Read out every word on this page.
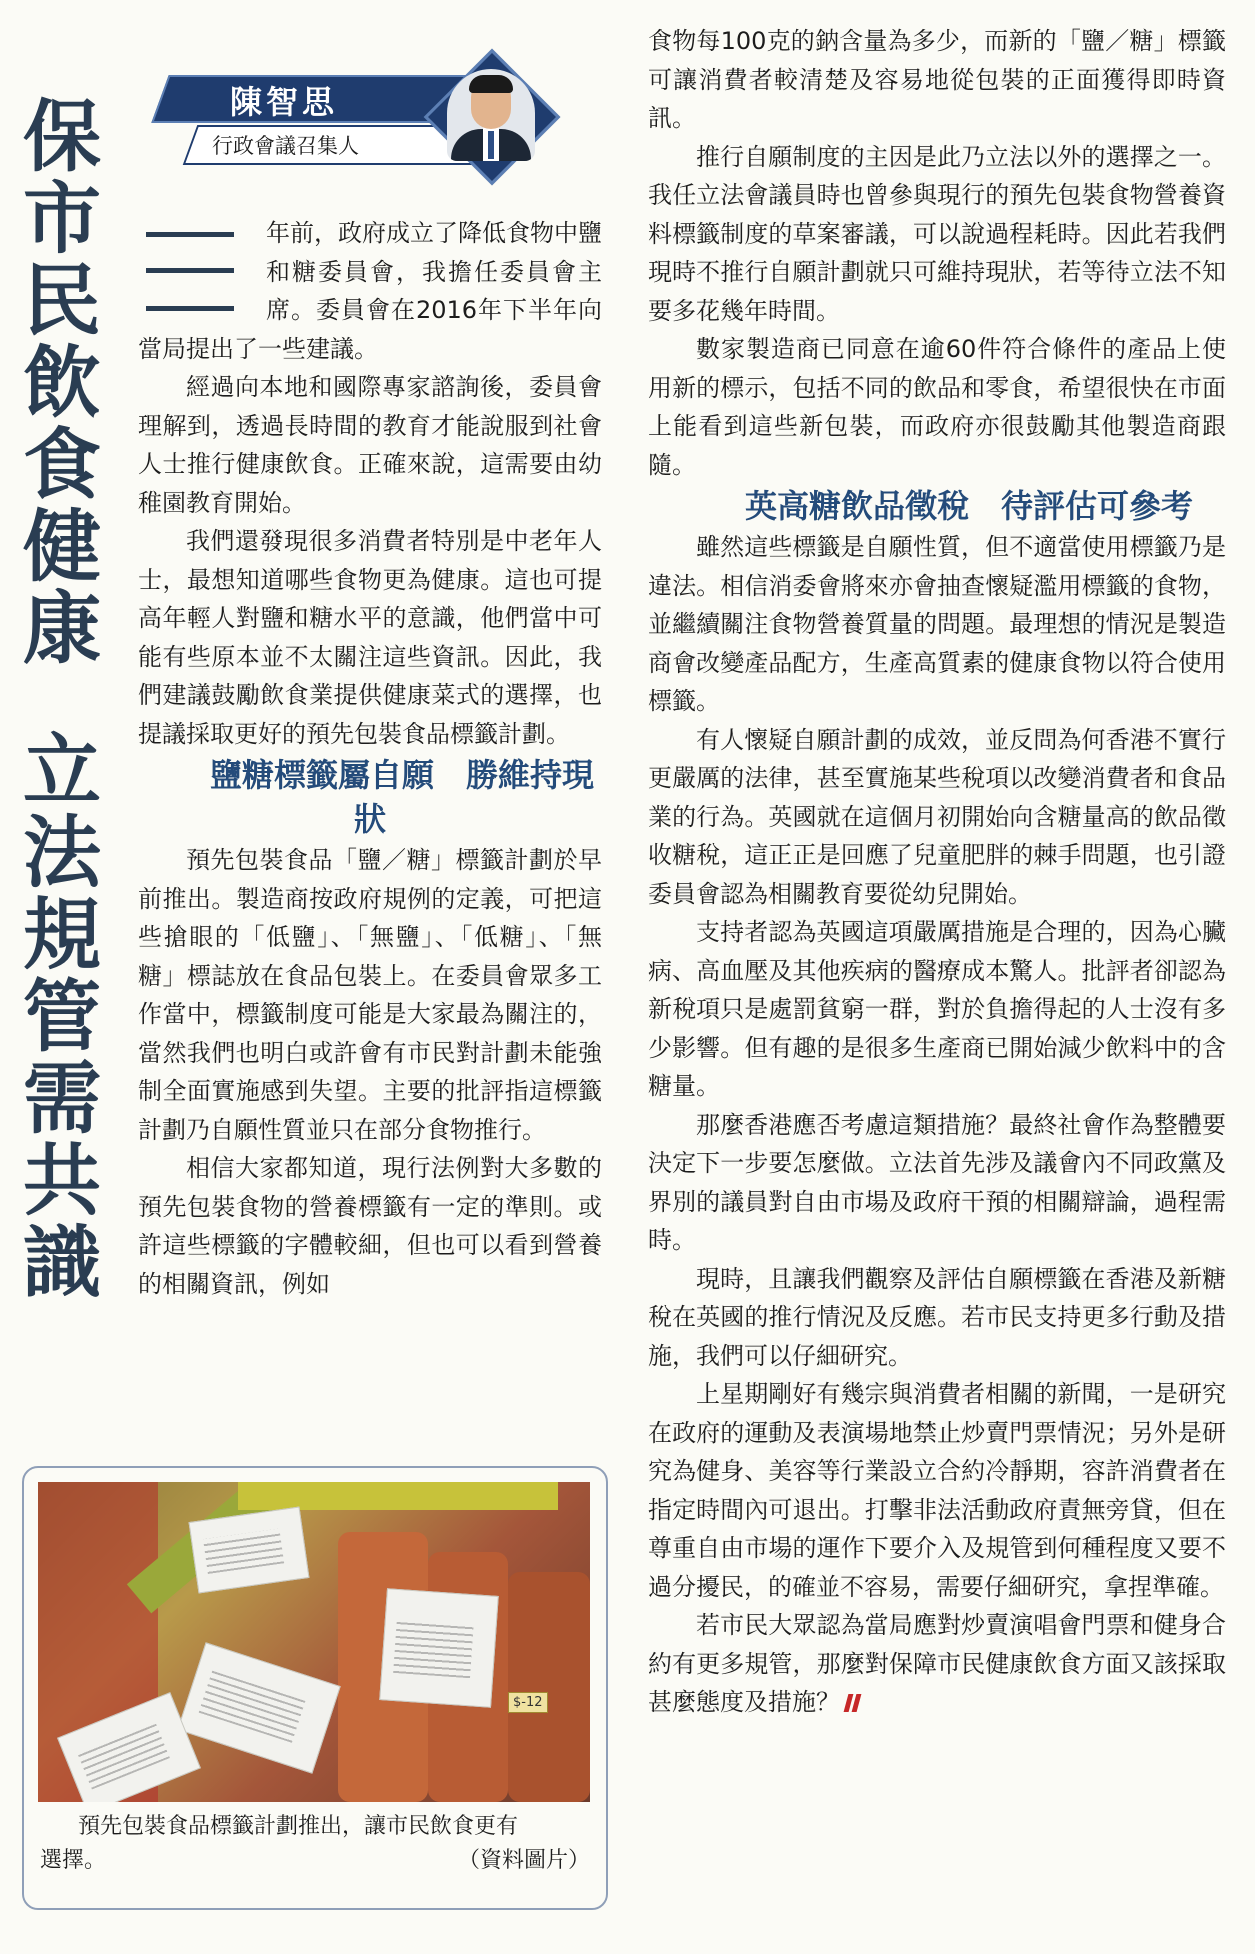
保市民飲食健康立法規管需共識
陳智思
行政會議召集人

年前，政府成立了降低食物中鹽和糖委員會，我擔任委員會主席。委員會在2016年下半年向當局提出了一些建議。

經過向本地和國際專家諮詢後，委員會理解到，透過長時間的教育才能說服到社會人士推行健康飲食。正確來說，這需要由幼稚園教育開始。

我們還發現很多消費者特別是中老年人士，最想知道哪些食物更為健康。這也可提高年輕人對鹽和糖水平的意識，他們當中可能有些原本並不太關注這些資訊。因此，我們建議鼓勵飲食業提供健康菜式的選擇，也提議採取更好的預先包裝食品標籤計劃。

鹽糖標籤屬自願　勝維持現狀

預先包裝食品「鹽／糖」標籤計劃於早前推出。製造商按政府規例的定義，可把這些搶眼的「低鹽」、「無鹽」、「低糖」、「無糖」標誌放在食品包裝上。在委員會眾多工作當中，標籤制度可能是大家最為關注的，當然我們也明白或許會有市民對計劃未能強制全面實施感到失望。主要的批評指這標籤計劃乃自願性質並只在部分食物推行。

相信大家都知道，現行法例對大多數的預先包裝食物的營養標籤有一定的準則。或許這些標籤的字體較細，但也可以看到營養的相關資訊，例如

$-12
預先包裝食品標籤計劃推出，讓市民飲食更有
選擇。	（資料圖片）

食物每100克的鈉含量為多少，而新的「鹽／糖」標籤可讓消費者較清楚及容易地從包裝的正面獲得即時資訊。

推行自願制度的主因是此乃立法以外的選擇之一。我任立法會議員時也曾參與現行的預先包裝食物營養資料標籤制度的草案審議，可以說過程耗時。因此若我們現時不推行自願計劃就只可維持現狀，若等待立法不知要多花幾年時間。

數家製造商已同意在逾60件符合條件的產品上使用新的標示，包括不同的飲品和零食，希望很快在市面上能看到這些新包裝，而政府亦很鼓勵其他製造商跟隨。

英高糖飲品徵稅　待評估可參考

雖然這些標籤是自願性質，但不適當使用標籤乃是違法。相信消委會將來亦會抽查懷疑濫用標籤的食物，並繼續關注食物營養質量的問題。最理想的情況是製造商會改變產品配方，生產高質素的健康食物以符合使用標籤。

有人懷疑自願計劃的成效，並反問為何香港不實行更嚴厲的法律，甚至實施某些稅項以改變消費者和食品業的行為。英國就在這個月初開始向含糖量高的飲品徵收糖稅，這正正是回應了兒童肥胖的棘手問題，也引證委員會認為相關教育要從幼兒開始。

支持者認為英國這項嚴厲措施是合理的，因為心臟病、高血壓及其他疾病的醫療成本驚人。批評者卻認為新稅項只是處罰貧窮一群，對於負擔得起的人士沒有多少影響。但有趣的是很多生產商已開始減少飲料中的含糖量。

那麼香港應否考慮這類措施？最終社會作為整體要決定下一步要怎麼做。立法首先涉及議會內不同政黨及界別的議員對自由市場及政府干預的相關辯論，過程需時。

現時，且讓我們觀察及評估自願標籤在香港及新糖稅在英國的推行情況及反應。若市民支持更多行動及措施，我們可以仔細研究。

上星期剛好有幾宗與消費者相關的新聞，一是研究在政府的運動及表演場地禁止炒賣門票情況；另外是研究為健身、美容等行業設立合約冷靜期，容許消費者在指定時間內可退出。打擊非法活動政府責無旁貸，但在尊重自由市場的運作下要介入及規管到何種程度又要不過分擾民，的確並不容易，需要仔細研究，拿捏準確。

若市民大眾認為當局應對炒賣演唱會門票和健身合約有更多規管，那麼對保障市民健康飲食方面又該採取甚麼態度及措施？
